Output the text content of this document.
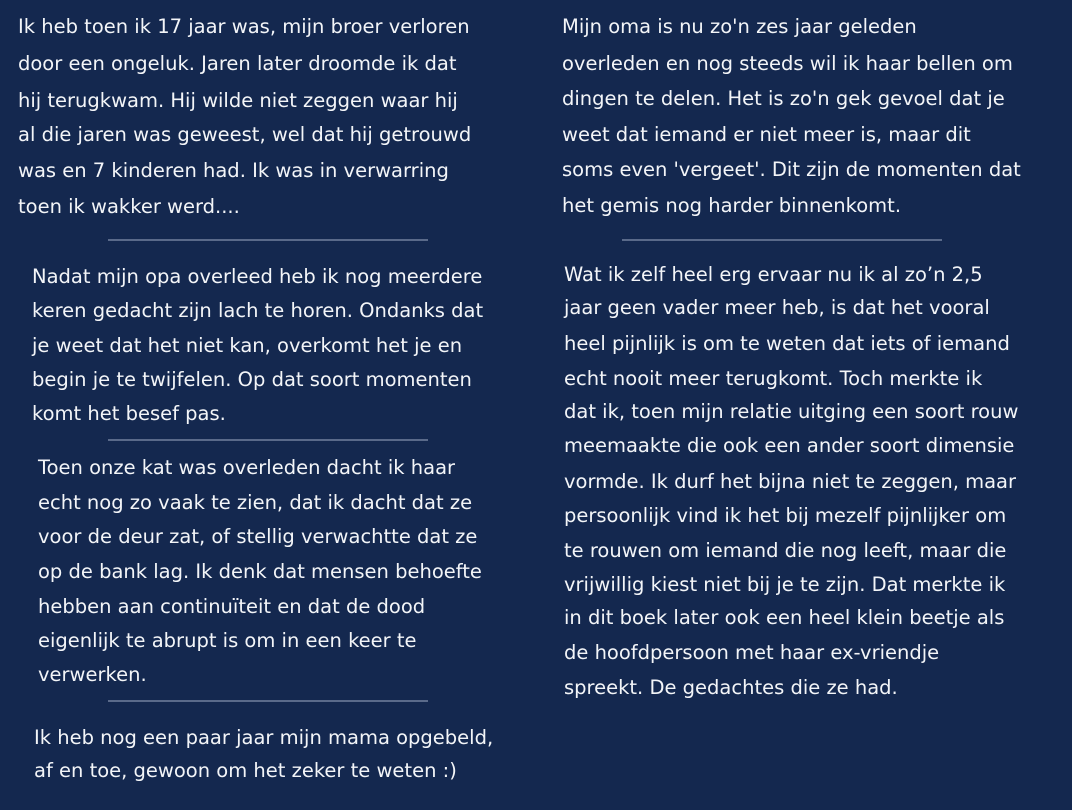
Ik heb toen ik 17 jaar was, mijn broer verloren
door een ongeluk. Jaren later droomde ik dat
hij terugkwam. Hij wilde niet zeggen waar hij
al die jaren was geweest, wel dat hij getrouwd
was en 7 kinderen had. Ik was in verwarring
toen ik wakker werd....
Nadat mijn opa overleed heb ik nog meerdere
keren gedacht zijn lach te horen. Ondanks dat
je weet dat het niet kan, overkomt het je en
begin je te twijfelen. Op dat soort momenten
komt het besef pas.
Toen onze kat was overleden dacht ik haar
echt nog zo vaak te zien, dat ik dacht dat ze
voor de deur zat, of stellig verwachtte dat ze
op de bank lag. Ik denk dat mensen behoefte
hebben aan continuïteit en dat de dood
eigenlijk te abrupt is om in een keer te
verwerken.
Ik heb nog een paar jaar mijn mama opgebeld,
af en toe, gewoon om het zeker te weten :)
Mijn oma is nu zo'n zes jaar geleden
overleden en nog steeds wil ik haar bellen om
dingen te delen. Het is zo'n gek gevoel dat je
weet dat iemand er niet meer is, maar dit
soms even 'vergeet'. Dit zijn de momenten dat
het gemis nog harder binnenkomt.
Wat ik zelf heel erg ervaar nu ik al zo’n 2,5
jaar geen vader meer heb, is dat het vooral
heel pijnlijk is om te weten dat iets of iemand
echt nooit meer terugkomt. Toch merkte ik
dat ik, toen mijn relatie uitging een soort rouw
meemaakte die ook een ander soort dimensie
vormde. Ik durf het bijna niet te zeggen, maar
persoonlijk vind ik het bij mezelf pijnlijker om
te rouwen om iemand die nog leeft, maar die
vrijwillig kiest niet bij je te zijn. Dat merkte ik
in dit boek later ook een heel klein beetje als
de hoofdpersoon met haar ex-vriendje
spreekt. De gedachtes die ze had.
